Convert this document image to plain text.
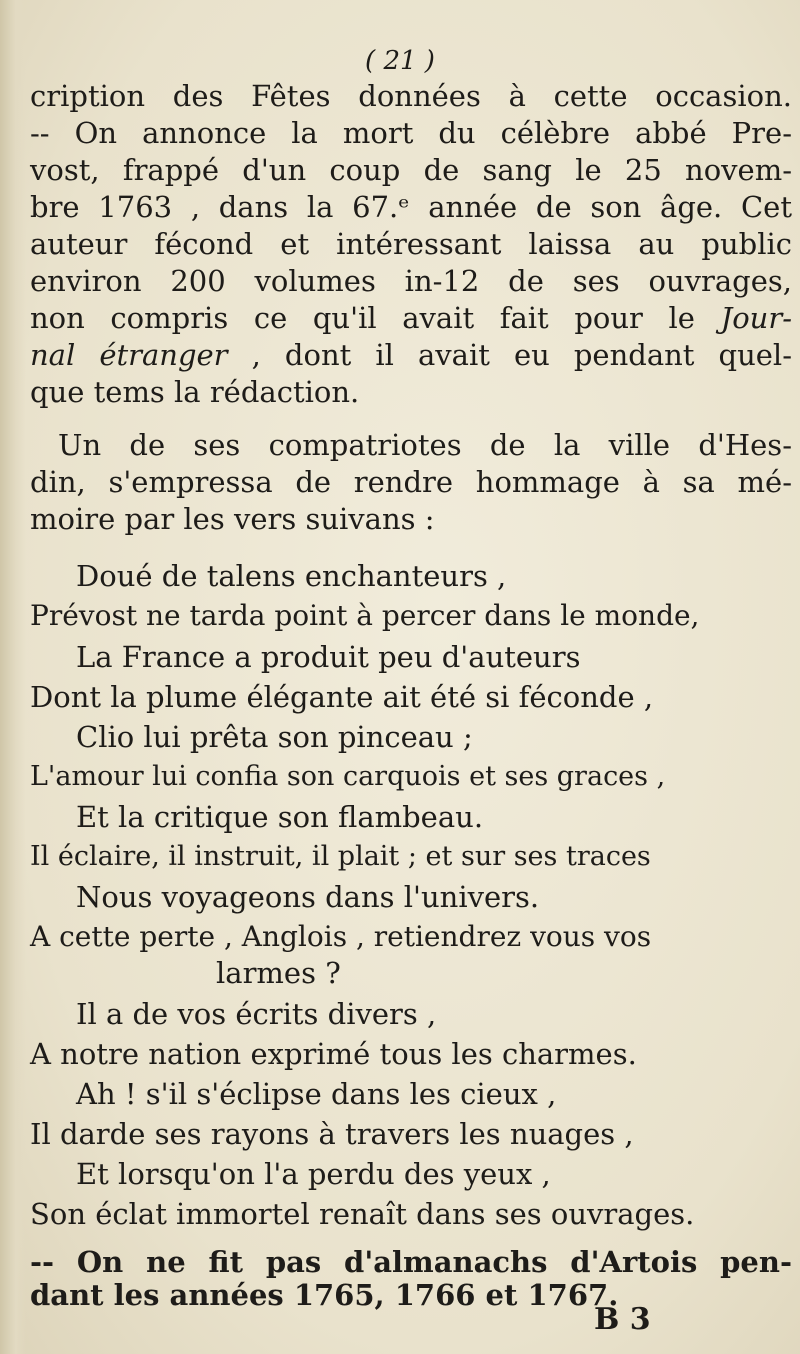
( 21 )
cription des Fêtes données à cette occasion.
-- On annonce la mort du célèbre abbé Pre-
vost, frappé d'un coup de sang le 25 novem-
bre 1763 , dans la 67.ᵉ année de son âge. Cet
auteur fécond et intéressant laissa au public
environ 200 volumes in-12 de ses ouvrages,
non compris ce qu'il avait fait pour le Jour-
nal étranger , dont il avait eu pendant quel-
que tems la rédaction.
Un de ses compatriotes de la ville d'Hes-
din, s'empressa de rendre hommage à sa mé-
moire par les vers suivans :
Doué de talens enchanteurs ,
Prévost ne tarda point à percer dans le monde,
La France a produit peu d'auteurs
Dont la plume élégante ait été si féconde ,
Clio lui prêta son pinceau ;
L'amour lui confia son carquois et ses graces ,
Et la critique son flambeau.
Il éclaire, il instruit, il plait ; et sur ses traces
Nous voyageons dans l'univers.
A cette perte , Anglois , retiendrez vous vos
larmes ?
Il a de vos écrits divers ,
A notre nation exprimé tous les charmes.
Ah ! s'il s'éclipse dans les cieux ,
Il darde ses rayons à travers les nuages ,
Et lorsqu'on l'a perdu des yeux ,
Son éclat immortel renaît dans ses ouvrages.
-- On ne fit pas d'almanachs d'Artois pen-
dant les années 1765, 1766 et 1767.
B 3
